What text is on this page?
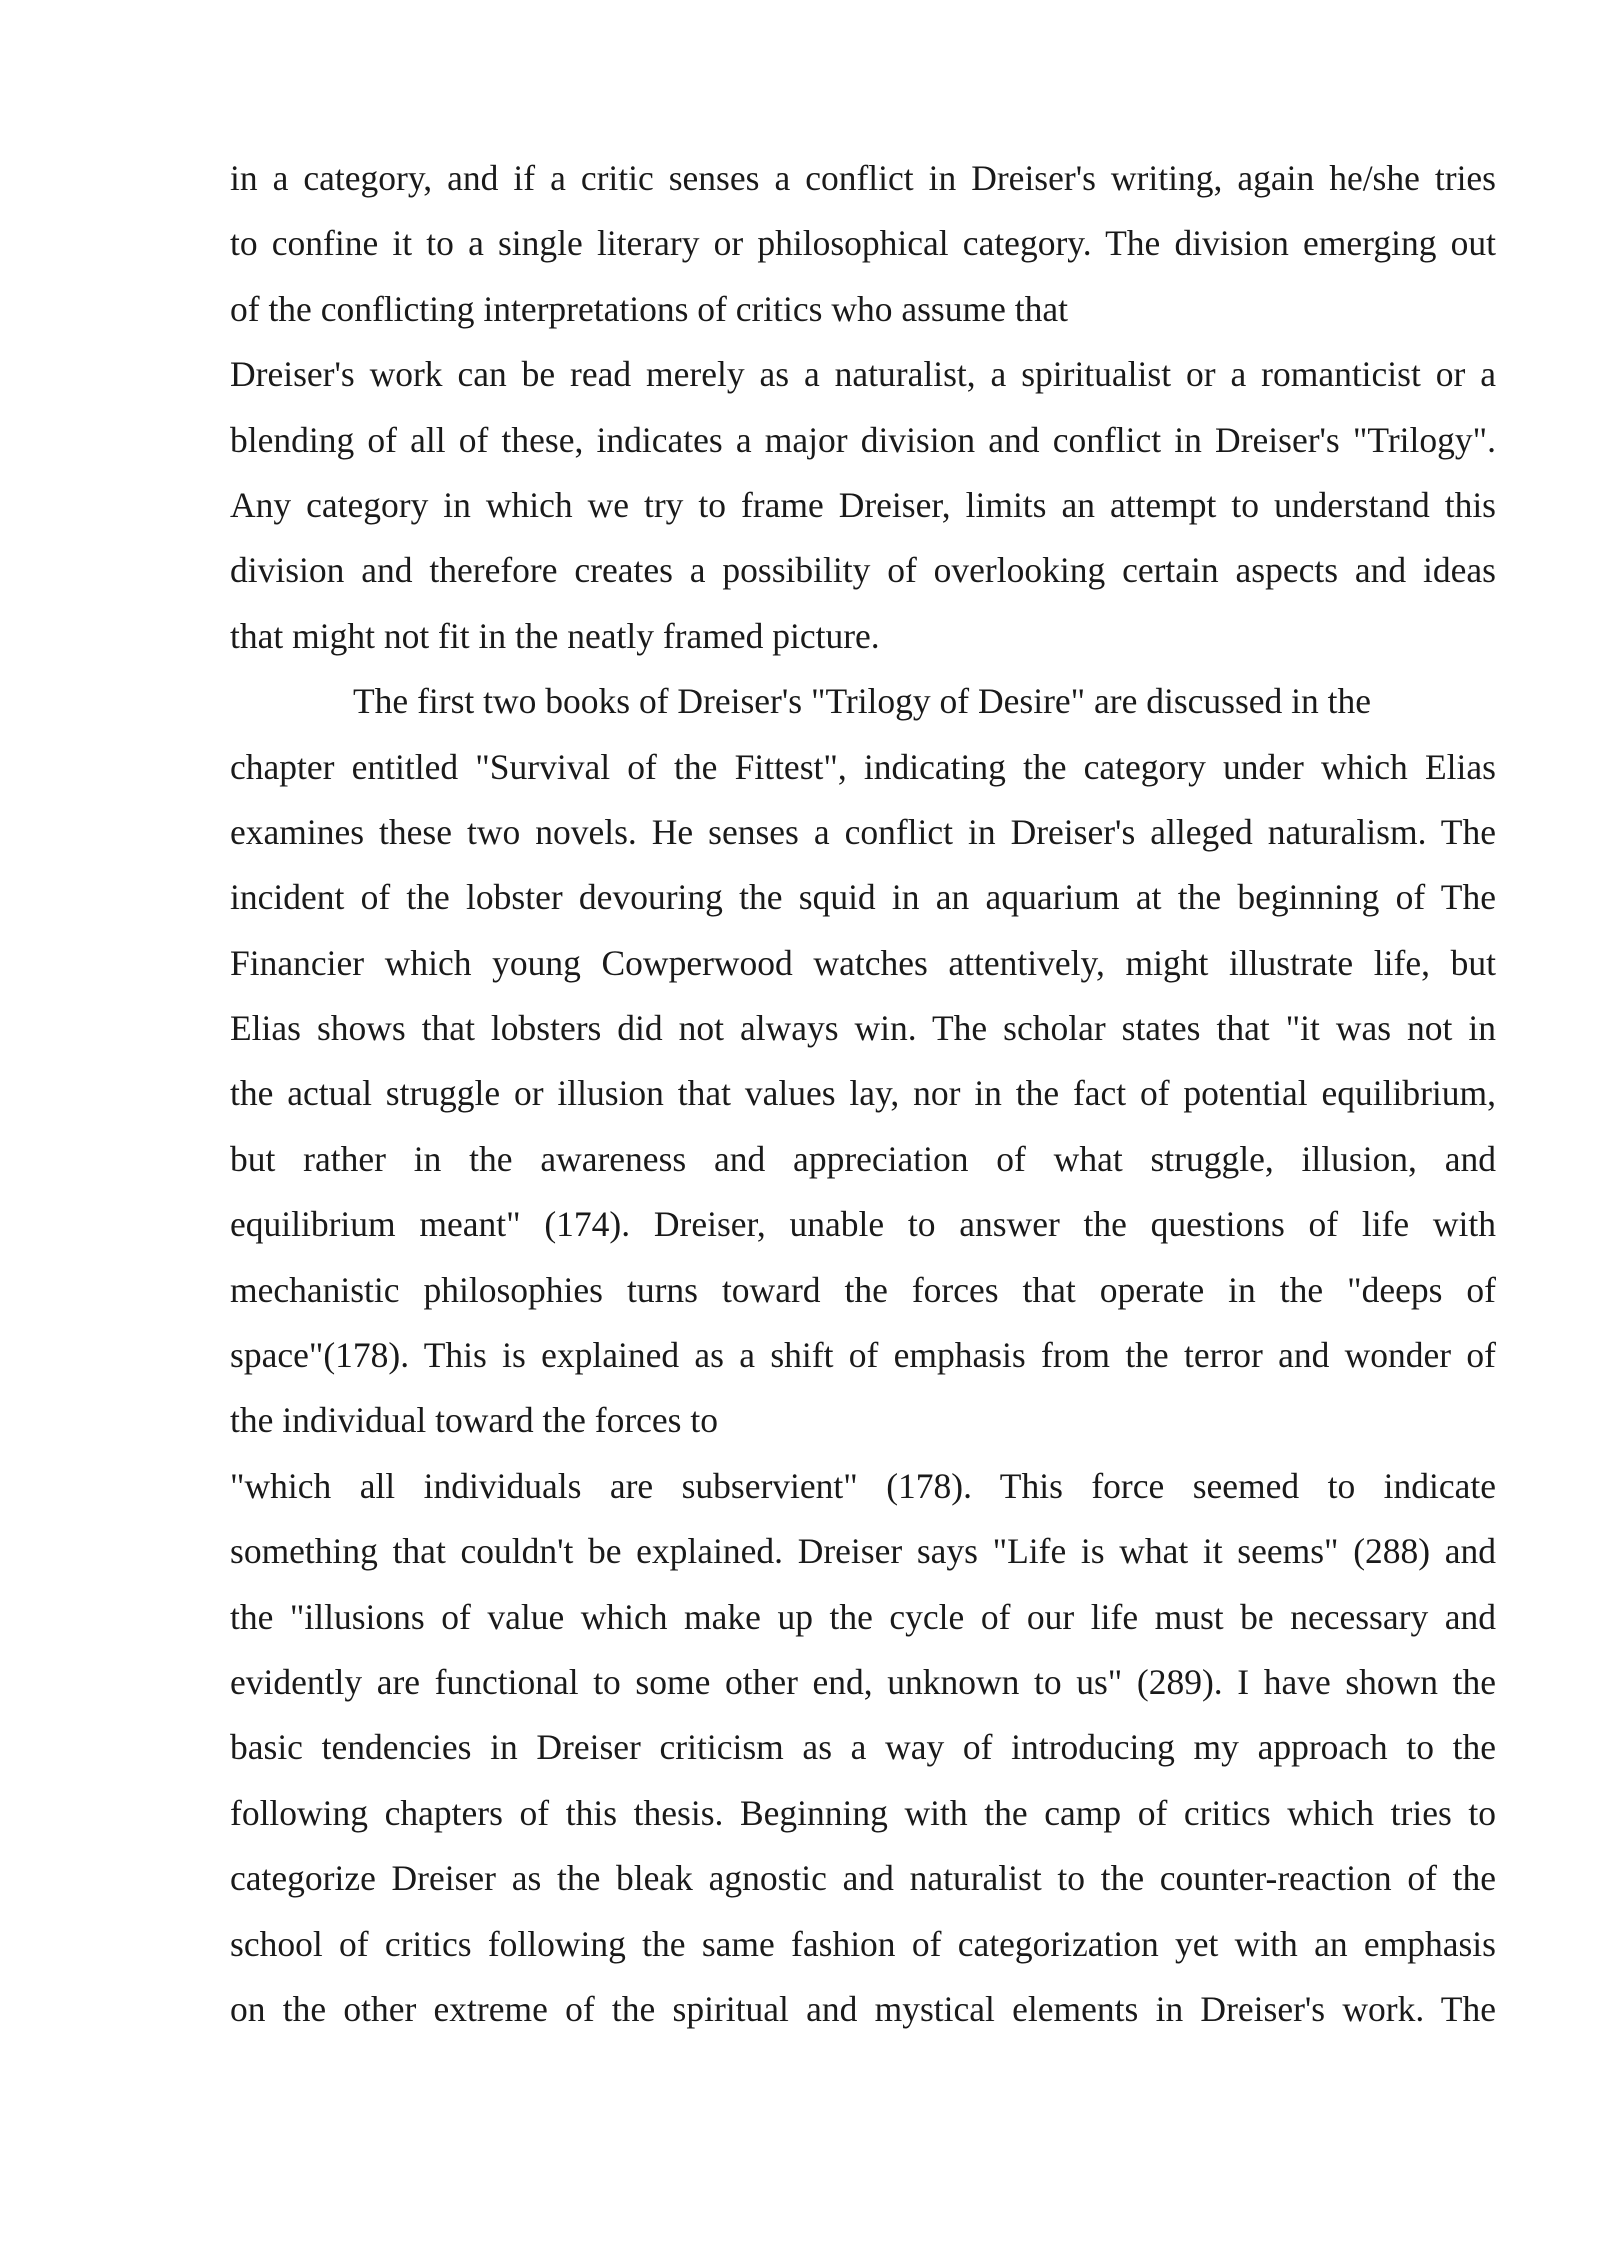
in a category, and if a critic senses a conflict in Dreiser's writing, again he/she tries
to confine it to a single literary or philosophical category. The division emerging out
of the conflicting interpretations of critics who assume that
Dreiser's work can be read merely as a naturalist, a spiritualist or a romanticist or a
blending of all of these, indicates a major division and conflict in Dreiser's "Trilogy".
Any category in which we try to frame Dreiser, limits an attempt to understand this
division and therefore creates a possibility of overlooking certain aspects and ideas
that might not fit in the neatly framed picture.
The first two books of Dreiser's "Trilogy of Desire" are discussed in the
chapter entitled "Survival of the Fittest", indicating the category under which Elias
examines these two novels. He senses a conflict in Dreiser's alleged naturalism. The
incident of the lobster devouring the squid in an aquarium at the beginning of The
Financier which young Cowperwood watches attentively, might illustrate life, but
Elias shows that lobsters did not always win. The scholar states that "it was not in
the actual struggle or illusion that values lay, nor in the fact of potential equilibrium,
but rather in the awareness and appreciation of what struggle, illusion, and
equilibrium meant" (174). Dreiser, unable to answer the questions of life with
mechanistic philosophies turns toward the forces that operate in the "deeps of
space"(178). This is explained as a shift of emphasis from the terror and wonder of
the individual toward the forces to
"which all individuals are subservient" (178). This force seemed to indicate
something that couldn't be explained. Dreiser says "Life is what it seems" (288) and
the "illusions of value which make up the cycle of our life must be necessary and
evidently are functional to some other end, unknown to us" (289). I have shown the
basic tendencies in Dreiser criticism as a way of introducing my approach to the
following chapters of this thesis. Beginning with the camp of critics which tries to
categorize Dreiser as the bleak agnostic and naturalist to the counter-reaction of the
school of critics following the same fashion of categorization yet with an emphasis
on the other extreme of the spiritual and mystical elements in Dreiser's work. The
